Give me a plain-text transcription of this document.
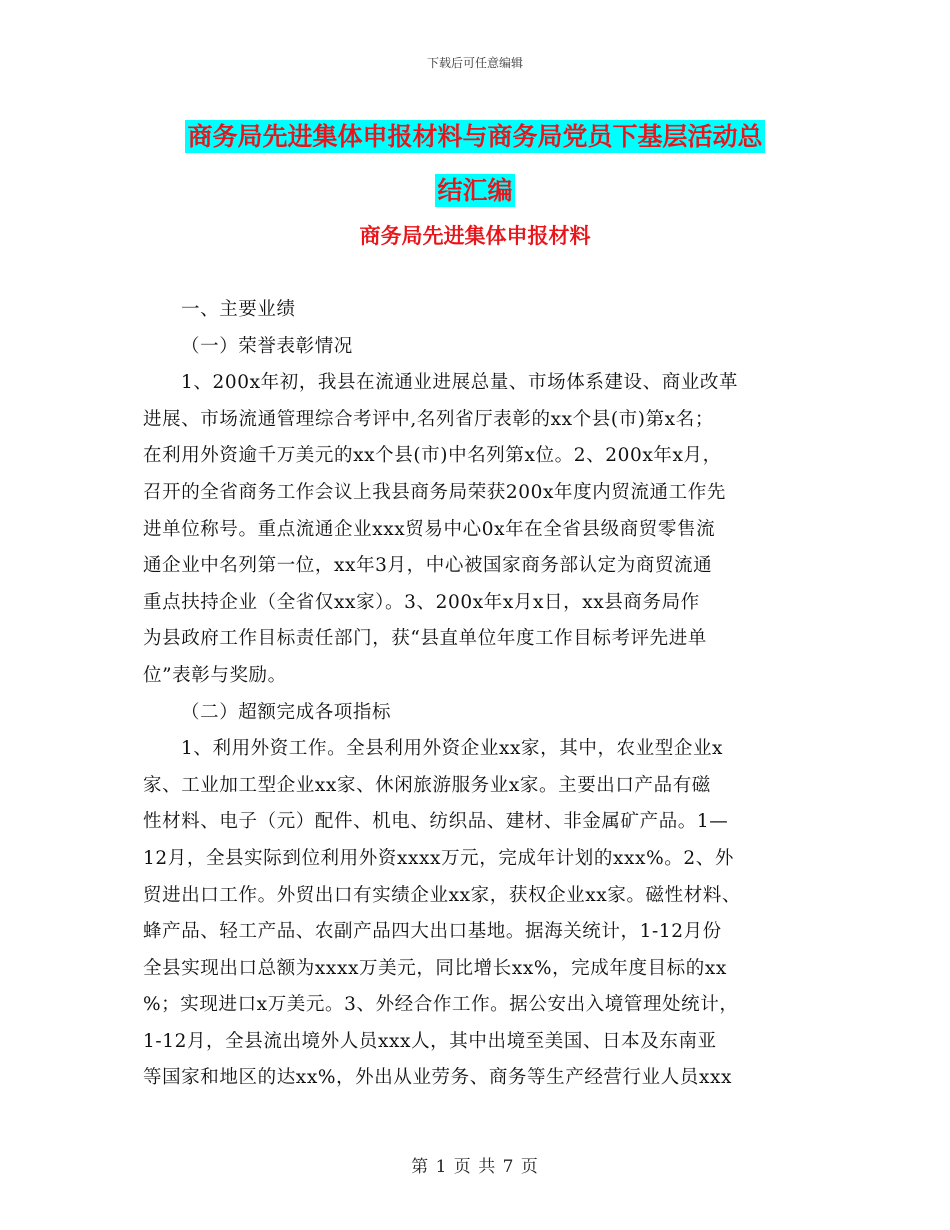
下载后可任意编辑
商务局先进集体申报材料与商务局党员下基层活动总
结汇编
商务局先进集体申报材料

一、主要业绩

（一）荣誉表彰情况

1、200x年初，我县在流通业进展总量、市场体系建设、商业改革

进展、市场流通管理综合考评中,名列省厅表彰的xx个县(市)第x名；

在利用外资逾千万美元的xx个县(市)中名列第x位。2、200x年x月，

召开的全省商务工作会议上我县商务局荣获200x年度内贸流通工作先

进单位称号。重点流通企业xxx贸易中心0x年在全省县级商贸零售流

通企业中名列第一位，xx年3月，中心被国家商务部认定为商贸流通

重点扶持企业（全省仅xx家）。3、200x年x月x日，xx县商务局作

为县政府工作目标责任部门，获“县直单位年度工作目标考评先进单

位”表彰与奖励。

（二）超额完成各项指标

1、利用外资工作。全县利用外资企业xx家，其中，农业型企业x

家、工业加工型企业xx家、休闲旅游服务业x家。主要出口产品有磁

性材料、电子（元）配件、机电、纺织品、建材、非金属矿产品。1—

12月，全县实际到位利用外资xxxx万元，完成年计划的xxx%。2、外

贸进出口工作。外贸出口有实绩企业xx家，获权企业xx家。磁性材料、

蜂产品、轻工产品、农副产品四大出口基地。据海关统计，1-12月份

全县实现出口总额为xxxx万美元，同比增长xx%，完成年度目标的xx

%；实现进口x万美元。3、外经合作工作。据公安出入境管理处统计，

1-12月，全县流出境外人员xxx人，其中出境至美国、日本及东南亚

等国家和地区的达xx%，外出从业劳务、商务等生产经营行业人员xxx

第 1 页 共 7 页
